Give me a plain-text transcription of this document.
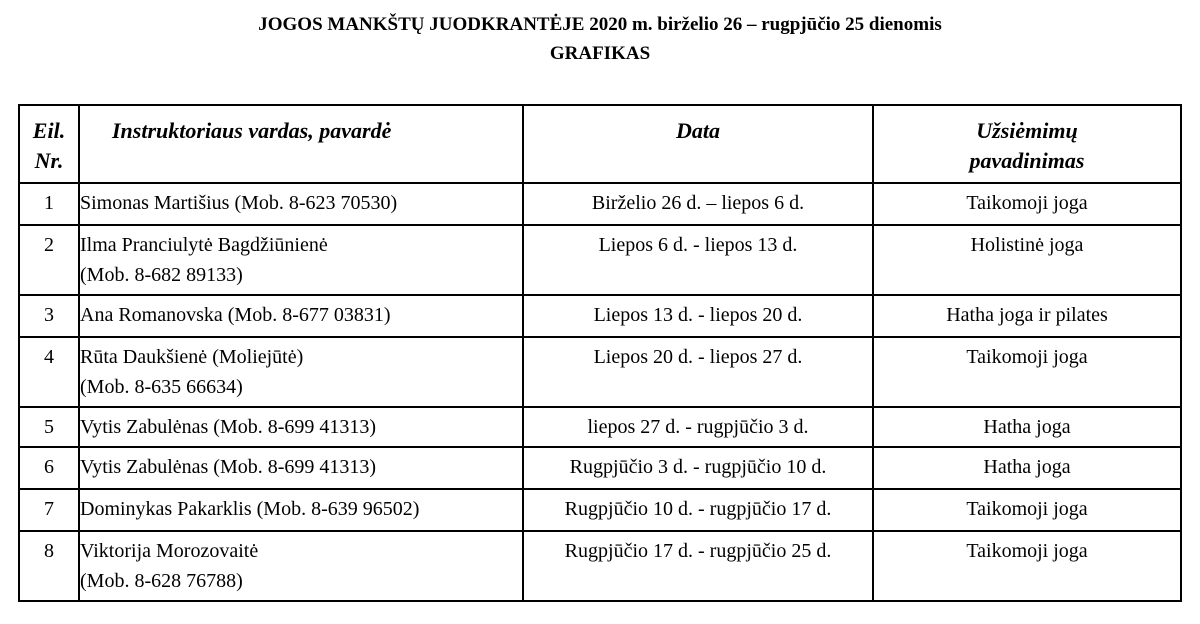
JOGOS MANKŠTŲ JUODKRANTĖJE 2020 m. birželio 26 – rugpjūčio 25 dienomis
GRAFIKAS
Eil.
Nr.	Instruktoriaus vardas, pavardė	Data	Užsiėmimų
pavadinimas

1	Simonas Martišius (Mob. 8-623 70530)	Birželio 26 d. – liepos 6 d.	Taikomoji joga
2	Ilma Pranciulytė Bagdžiūnienė
(Mob. 8-682 89133)	Liepos 6 d. - liepos 13 d.	Holistinė joga
3	Ana Romanovska (Mob. 8-677 03831)	Liepos 13 d. - liepos 20 d.	Hatha joga ir pilates
4	Rūta Daukšienė (Moliejūtė)
(Mob. 8-635 66634)	Liepos 20 d. - liepos 27 d.	Taikomoji joga
5	Vytis Zabulėnas (Mob. 8-699 41313)	liepos 27 d. - rugpjūčio 3 d.	Hatha joga
6	Vytis Zabulėnas (Mob. 8-699 41313)	Rugpjūčio 3 d. - rugpjūčio 10 d.	Hatha joga
7	Dominykas Pakarklis (Mob. 8-639 96502)	Rugpjūčio 10 d. - rugpjūčio 17 d.	Taikomoji joga
8	Viktorija Morozovaitė
(Mob. 8-628 76788)	Rugpjūčio 17 d. - rugpjūčio 25 d.	Taikomoji joga
